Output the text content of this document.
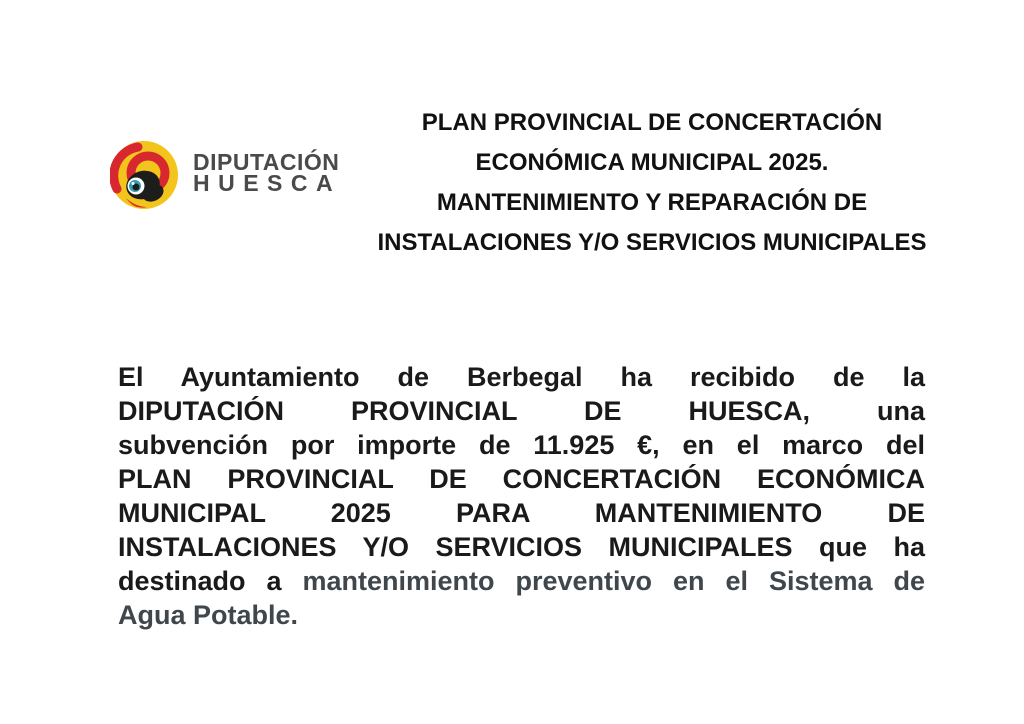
DIPUTACIÓN
HUESCA
PLAN PROVINCIAL DE CONCERTACIÓN
ECONÓMICA MUNICIPAL 2025.
MANTENIMIENTO Y REPARACIÓN DE
INSTALACIONES Y/O SERVICIOS MUNICIPALES
El Ayuntamiento de Berbegal ha recibido de la
DIPUTACIÓN PROVINCIAL DE HUESCA, una
subvención por importe de 11.925 €, en el marco del
PLAN PROVINCIAL DE CONCERTACIÓN ECONÓMICA
MUNICIPAL 2025 PARA MANTENIMIENTO DE
INSTALACIONES Y/O SERVICIOS MUNICIPALES que ha
destinado a mantenimiento preventivo en el Sistema de
Agua Potable.
